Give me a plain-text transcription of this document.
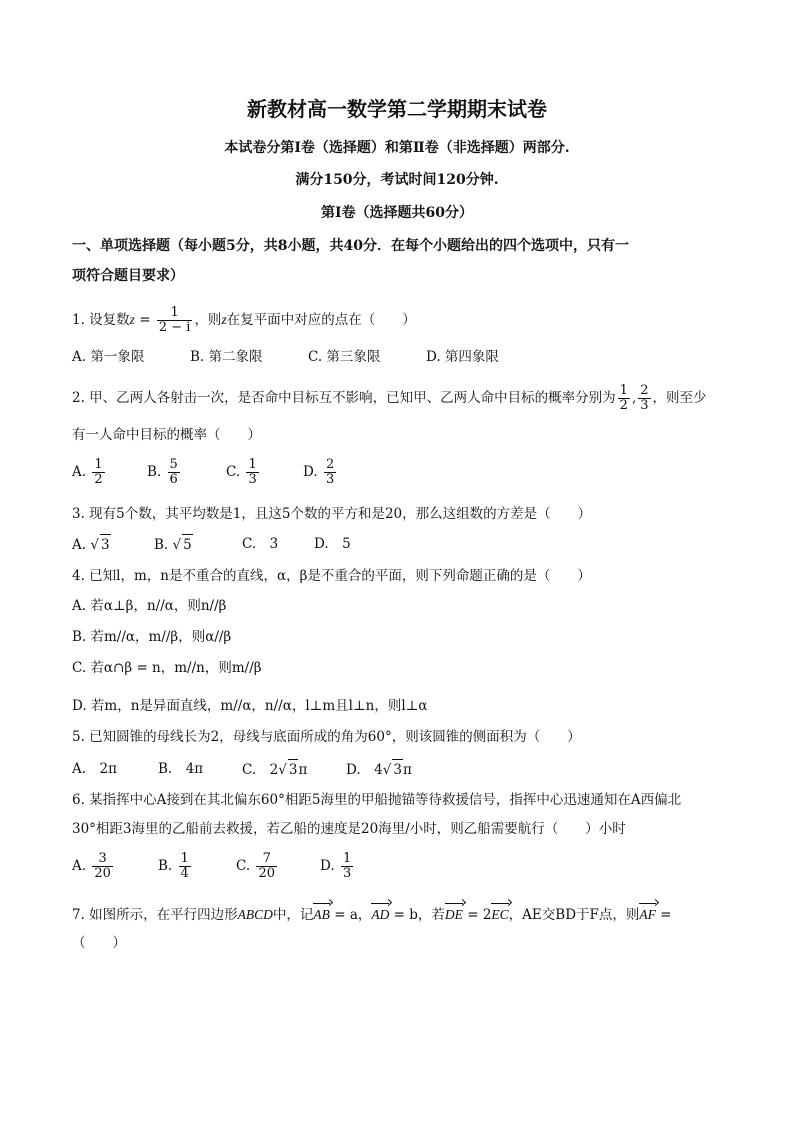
新教材高一数学第二学期期末试卷
本试卷分第Ⅰ卷（选择题）和第Ⅱ卷（非选择题）两部分.
满分150分，考试时间120分钟.
第Ⅰ卷（选择题共60分）
一、单项选择题（每小题5分，共8小题，共40分．在每个小题给出的四个选项中，只有一
项符合题目要求）
1. 设复数$z = \frac{1}{2 - i}$ ，则z在复平面中对应的点在（　　）
A. 第一象限	B. 第二象限	C. 第三象限	D. 第四象限
2. 甲、乙两人各射击一次，是否命中目标互不影响，已知甲、乙两人命中目标的概率分别为 $\frac{1}{2}$ , $\frac{2}{3}$ ，则至少
有一人命中目标的概率（　　）
A. $\frac{1}{2}$	B. $\frac{5}{6}$	C. $\frac{1}{3}$	D. $\frac{2}{3}$
3. 现有5个数，其平均数是1，且这5个数的平方和是20，那么这组数的方差是（　　）
A. √ 3	B. √ 5	C.　 3	D.　 5
4. 已知l，m，n是不重合的直线，α，β是不重合的平面，则下列命题正确的是（　　）
A. 若α⊥β，n//α，则n//β
B. 若m//α，m//β，则α//β
C. 若α∩β = n，m//n，则m//β
D. 若m，n是异面直线，m//α，n//α，l⊥m且l⊥n，则l⊥α
5. 已知圆锥的母线长为2，母线与底面所成的角为60°，则该圆锥的侧面积为（　　）
A.　2π	B.　4π	C.　2√ 3π	D.　4√ 3π
6. 某指挥中心A接到在其北偏东60°相距5海里的甲船抛锚等待救援信号，指挥中心迅速通知在A西偏北
30°相距3海里的乙船前去救援，若乙船的速度是20海里/小时，则乙船需要航行（　　）小时
A. $\frac{3}{20}$	B. $\frac{1}{4}$	C. $\frac{7}{20}$	D. $\frac{1}{3}$
7. 如图所示，在平行四边形ABCD中，记AB = a，AD = b，若DE = 2EC，AE交BD于F点，则AF =
（　　）
